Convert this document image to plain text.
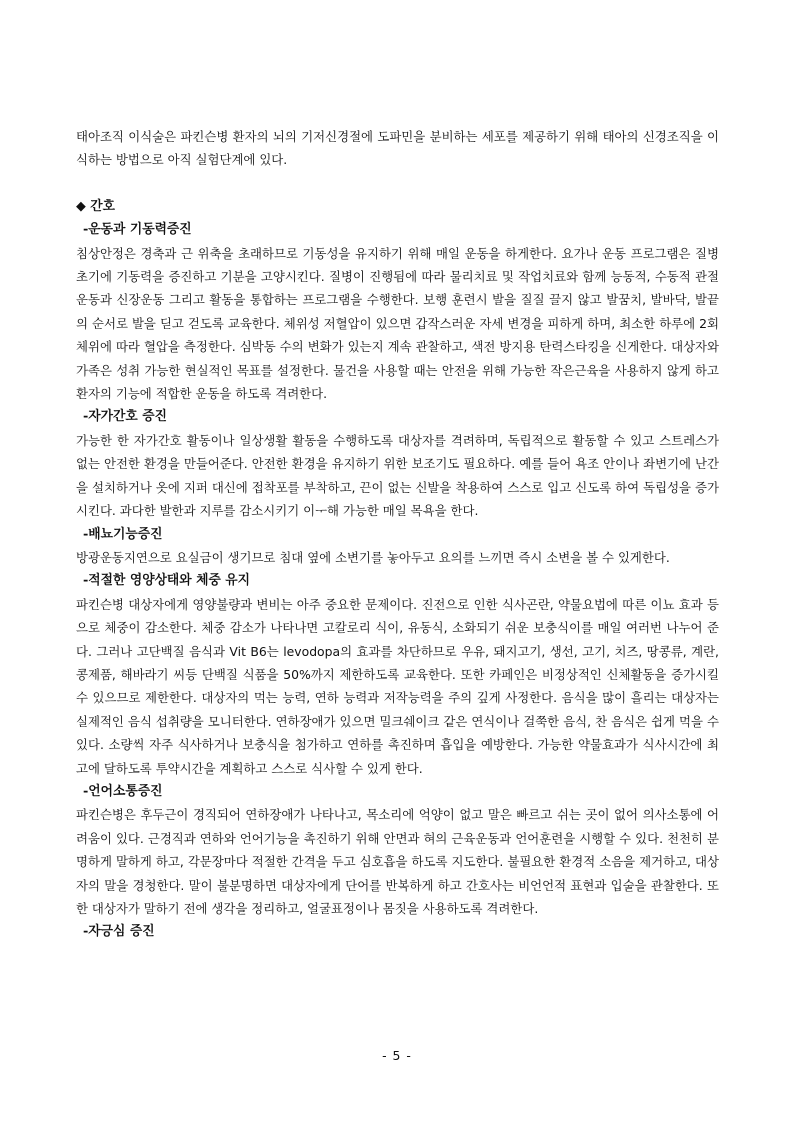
태아조직 이식술은 파킨슨병 환자의 뇌의 기저신경절에 도파민을 분비하는 세포를 제공하기 위해 태아의 신경조직을 이식하는 방법으로 아직 실험단계에 있다.

◆ 간호
-운동과 기동력증진

침상안정은 경축과 근 위축을 초래하므로 기동성을 유지하기 위해 매일 운동을 하게한다. 요가나 운동 프로그램은 질병 초기에 기동력을 증진하고 기분을 고양시킨다. 질병이 진행됨에 따라 물리치료 및 작업치료와 함께 능동적, 수동적 관절운동과 신장운동 그리고 활동을 통합하는 프로그램을 수행한다. 보행 훈련시 발을 질질 끌지 않고 발꿈치, 발바닥, 발끝의 순서로 발을 딛고 걷도록 교육한다. 체위성 저혈압이 있으면 갑작스러운 자세 변경을 피하게 하며, 최소한 하루에 2회 체위에 따라 혈압을 측정한다. 심박동 수의 변화가 있는지 계속 관찰하고, 색전 방지용 탄력스타킹을 신게한다. 대상자와 가족은 성취 가능한 현실적인 목표를 설정한다. 물건을 사용할 때는 안전을 위해 가능한 작은근육을 사용하지 않게 하고 환자의 기능에 적합한 운동을 하도록 격려한다.

-자가간호 증진

가능한 한 자가간호 활동이나 일상생활 활동을 수행하도록 대상자를 격려하며, 독립적으로 활동할 수 있고 스트레스가 없는 안전한 환경을 만들어준다. 안전한 환경을 유지하기 위한 보조기도 필요하다. 예를 들어 욕조 안이나 좌변기에 난간을 설치하거나 옷에 지퍼 대신에 접착포를 부착하고, 끈이 없는 신발을 착용하여 스스로 입고 신도록 하여 독립성을 증가시킨다. 과다한 발한과 지루를 감소시키기 이ᅮ해 가능한 매일 목욕을 한다.

-배뇨기능증진

방광운동지연으로 요실금이 생기므로 침대 옆에 소변기를 놓아두고 요의를 느끼면 즉시 소변을 볼 수 있게한다.

-적절한 영양상태와 체중 유지

파킨슨병 대상자에게 영양불량과 변비는 아주 중요한 문제이다. 진전으로 인한 식사곤란, 약물요법에 따른 이뇨 효과 등으로 체중이 감소한다. 체중 감소가 나타나면 고칼로리 식이, 유동식, 소화되기 쉬운 보충식이를 매일 여러번 나누어 준다. 그러나 고단백질 음식과 Vit B6는 levodopa의 효과를 차단하므로 우유, 돼지고기, 생선, 고기, 치즈, 땅콩류, 계란, 콩제품, 해바라기 씨등 단백질 식품을 50%까지 제한하도록 교육한다. 또한 카페인은 비정상적인 신체활동을 증가시킬 수 있으므로 제한한다. 대상자의 먹는 능력, 연하 능력과 저작능력을 주의 깊게 사정한다. 음식을 많이 흘리는 대상자는 실제적인 음식 섭취량을 모니터한다. 연하장애가 있으면 밀크쉐이크 같은 연식이나 걸쭉한 음식, 찬 음식은 쉽게 먹을 수 있다. 소량씩 자주 식사하거나 보충식을 첨가하고 연하를 촉진하며 흡입을 예방한다. 가능한 약물효과가 식사시간에 최고에 달하도록 투약시간을 계획하고 스스로 식사할 수 있게 한다.

-언어소통증진

파킨슨병은 후두근이 경직되어 연하장애가 나타나고, 목소리에 억양이 없고 말은 빠르고 쉬는 곳이 없어 의사소통에 어려움이 있다. 근경직과 연하와 언어기능을 촉진하기 위해 안면과 혀의 근육운동과 언어훈련을 시행할 수 있다. 천천히 분명하게 말하게 하고, 각문장마다 적절한 간격을 두고 심호흡을 하도록 지도한다. 불필요한 환경적 소음을 제거하고, 대상자의 말을 경청한다. 말이 불분명하면 대상자에게 단어를 반복하게 하고 간호사는 비언언적 표현과 입술을 관찰한다. 또한 대상자가 말하기 전에 생각을 정리하고, 얼굴표정이나 몸짓을 사용하도록 격려한다.

-자긍심 증진
- 5 -
